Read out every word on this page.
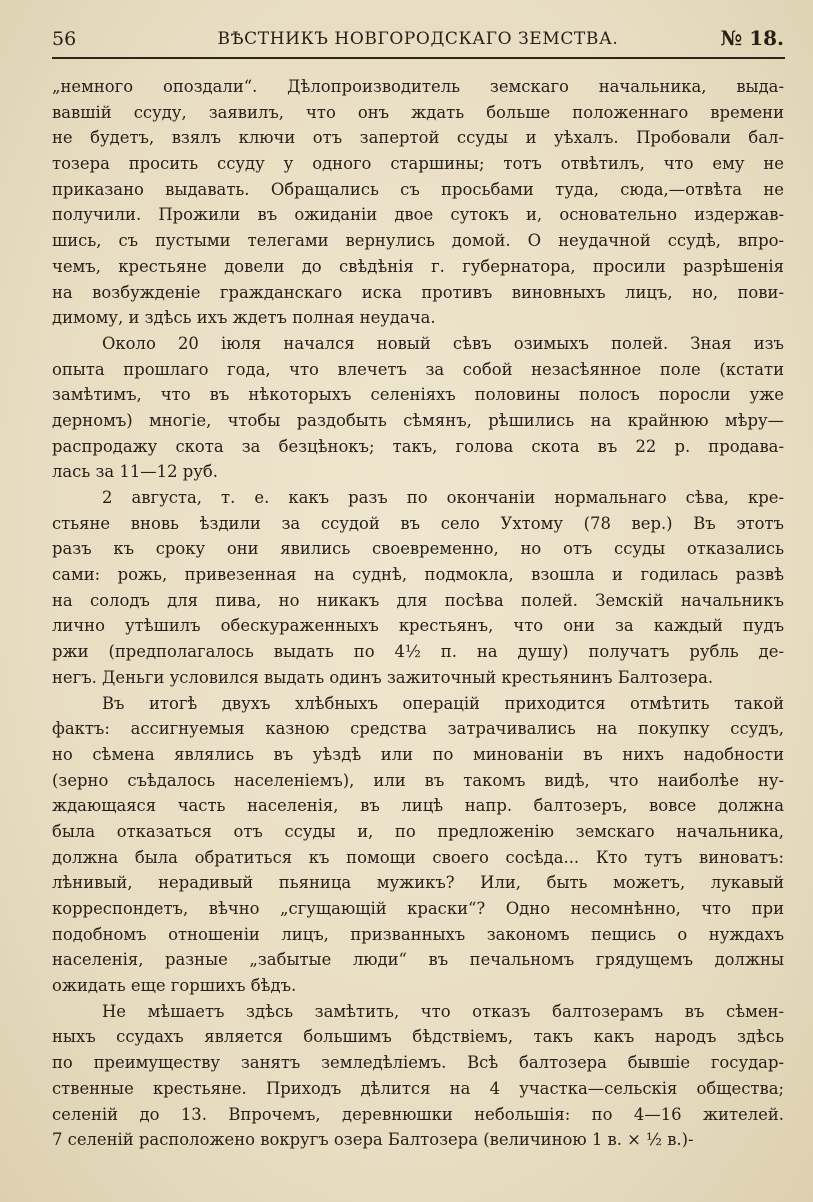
56	ВѢСТНИКЪ НОВГОРОДСКАГО ЗЕМСТВА.	№ 18.
„немного опоздали“. Дѣлопроизводитель земскаго начальника, выда-
вавшій ссуду, заявилъ, что онъ ждать больше положеннаго времени
не будетъ, взялъ ключи отъ запертой ссуды и уѣхалъ. Пробовали бал-
тозера просить ссуду у одного старшины; тотъ отвѣтилъ, что ему не
приказано выдавать. Обращались съ просьбами туда, сюда,—отвѣта не
получили. Прожили въ ожиданіи двое сутокъ и, основательно издержав-
шись, съ пустыми телегами вернулись домой. О неудачной ссудѣ, впро-
чемъ, крестьяне довели до свѣдѣнія г. губернатора, просили разрѣшенія
на возбужденіе гражданскаго иска противъ виновныхъ лицъ, но, пови-
димому, и здѣсь ихъ ждетъ полная неудача.
Около 20 іюля начался новый сѣвъ озимыхъ полей. Зная изъ
опыта прошлаго года, что влечетъ за собой незасѣянное поле (кстати
замѣтимъ, что въ нѣкоторыхъ селеніяхъ половины полосъ поросли уже
дерномъ) многіе, чтобы раздобыть сѣмянъ, рѣшились на крайнюю мѣру—
распродажу скота за безцѣнокъ; такъ, голова скота въ 22 р. продава-
лась за 11—12 руб.
2 августа, т. е. какъ разъ по окончаніи нормальнаго сѣва, кре-
стьяне вновь ѣздили за ссудой въ село Ухтому (78 вер.) Въ этотъ
разъ къ сроку они явились своевременно, но отъ ссуды отказались
сами: рожь, привезенная на суднѣ, подмокла, взошла и годилась развѣ
на солодъ для пива, но никакъ для посѣва полей. Земскій начальникъ
лично утѣшилъ обескураженныхъ крестьянъ, что они за каждый пудъ
ржи (предполагалось выдать по 4½ п. на душу) получатъ рубль де-
негъ. Деньги условился выдать одинъ зажиточный крестьянинъ Балтозера.
Въ итогѣ двухъ хлѣбныхъ операцій приходится отмѣтить такой
фактъ: ассигнуемыя казною средства затрачивались на покупку ссудъ,
но сѣмена являлись въ уѣздѣ или по минованіи въ нихъ надобности
(зерно съѣдалось населеніемъ), или въ такомъ видѣ, что наиболѣе ну-
ждающаяся часть населенія, въ лицѣ напр. балтозеръ, вовсе должна
была отказаться отъ ссуды и, по предложенію земскаго начальника,
должна была обратиться къ помощи своего сосѣда... Кто тутъ виноватъ:
лѣнивый, нерадивый пьяница мужикъ? Или, быть можетъ, лукавый
корреспондетъ, вѣчно „сгущающій краски“? Одно несомнѣнно, что при
подобномъ отношеніи лицъ, призванныхъ закономъ пещись о нуждахъ
населенія, разные „забытые люди“ въ печальномъ грядущемъ должны
ожидать еще горшихъ бѣдъ.
Не мѣшаетъ здѣсь замѣтить, что отказъ балтозерамъ въ сѣмен-
ныхъ ссудахъ является большимъ бѣдствіемъ, такъ какъ народъ здѣсь
по преимуществу занятъ земледѣліемъ. Всѣ балтозера бывшіе государ-
ственные крестьяне. Приходъ дѣлится на 4 участка—сельскія общества;
селеній до 13. Впрочемъ, деревнюшки небольшія: по 4—16 жителей.
7 селеній расположено вокругъ озера Балтозера (величиною 1 в. × ½ в.)-
